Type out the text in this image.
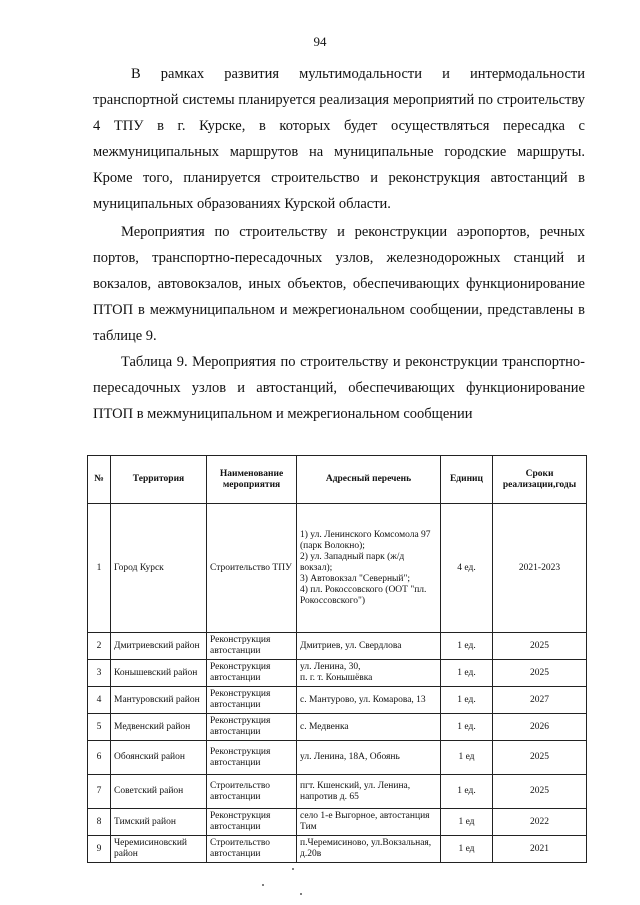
94

В рамках развития мультимодальности и интермодальности транспортной системы планируется реализация мероприятий по строительству 4 ТПУ в г. Курске, в которых будет осуществляться пересадка с межмуниципальных маршрутов на муниципальные городские маршруты. Кроме того, планируется строительство и реконструкция автостанций в муниципальных образованиях Курской области.

Мероприятия по строительству и реконструкции аэропортов, речных портов, транспортно-пересадочных узлов, железнодорожных станций и вокзалов, автовокзалов, иных объектов, обеспечивающих функционирование ПТОП в межмуниципальном и межрегиональном сообщении, представлены в таблице 9.

Таблица 9. Мероприятия по строительству и реконструкции транспортно-пересадочных узлов и автостанций, обеспечивающих функционирование ПТОП в межмуниципальном и межрегиональном сообщении

№	Территория	Наименование мероприятия	Адресный перечень	Единиц	Сроки реализации,годы
1	Город Курск	Строительство ТПУ	1) ул. Ленинского Комсомола 97 (парк Волокно);
2) ул. Западный парк (ж/д вокзал);
3) Автовокзал "Северный";
4) пл. Рокоссовского (ООТ "пл. Рокоссовского")	4 ед.	2021-2023
2	Дмитриевский район	Реконструкция автостанции	Дмитриев, ул. Свердлова	1 ед.	2025
3	Конышевский район	Реконструкция автостанции	ул. Ленина, 30,
п. г. т. Конышёвка	1 ед.	2025
4	Мантуровский район	Реконструкция автостанции	с. Мантурово, ул. Комарова, 13	1 ед.	2027
5	Медвенский район	Реконструкция автостанции	с. Медвенка	1 ед.	2026
6	Обоянский район	Реконструкция автостанции	ул. Ленина, 18А, Обоянь	1 ед	2025
7	Советский район	Строительство автостанции	пгт. Кшенский, ул. Ленина, напротив д. 65	1 ед.	2025
8	Тимский район	Реконструкция автостанции	село 1-е Выгорное, автостанция Тим	1 ед	2022
9	Черемисиновский район	Строительство автостанции	п.Черемисиново, ул.Вокзальная, д.20в	1 ед	2021
